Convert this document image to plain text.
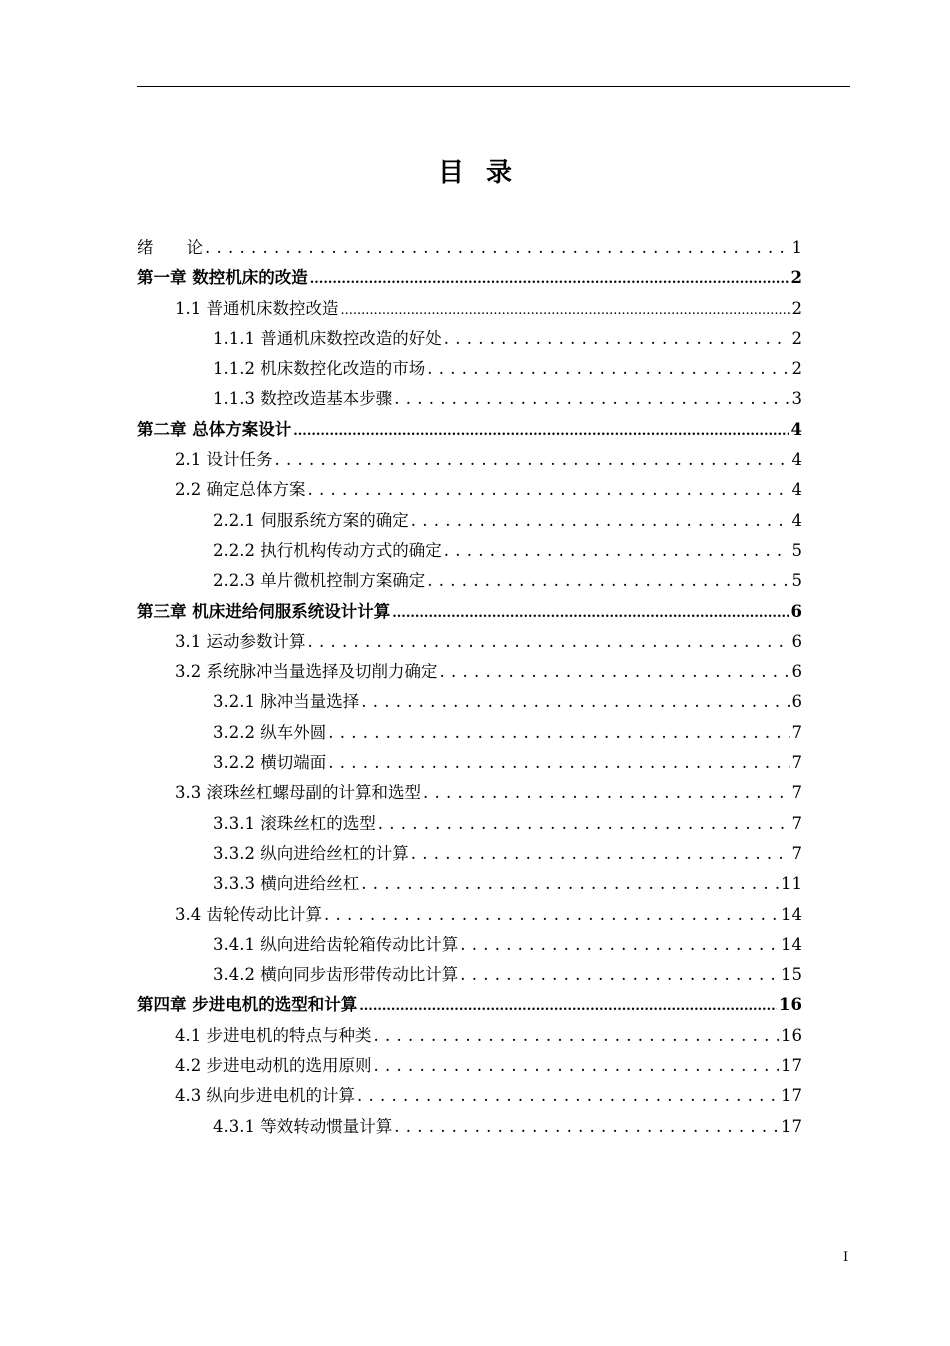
目录
绪　　论 . . .	1
第一章 数控机床的改造 .....	2
1.1 普通机床数控改造 .....	2
1.1.1 普通机床数控改造的好处 . . .	2
1.1.2 机床数控化改造的市场 . . .	2
1.1.3 数控改造基本步骤 . . .	3
第二章 总体方案设计 .....	4
2.1 设计任务 . . .	4
2.2 确定总体方案 . . .	4
2.2.1 伺服系统方案的确定 . . .	4
2.2.2 执行机构传动方式的确定 . . .	5
2.2.3 单片微机控制方案确定 . . .	5
第三章 机床进给伺服系统设计计算 .....	6
3.1 运动参数计算 . . .	6
3.2 系统脉冲当量选择及切削力确定 . . .	6
3.2.1 脉冲当量选择 . . .	6
3.2.2 纵车外圆 . . .	7
3.2.2 横切端面 . . .	7
3.3 滚珠丝杠螺母副的计算和选型 . . .	7
3.3.1 滚珠丝杠的选型 . . .	7
3.3.2 纵向进给丝杠的计算 . . .	7
3.3.3 横向进给丝杠 . . .	11
3.4 齿轮传动比计算 . . .	14
3.4.1 纵向进给齿轮箱传动比计算 . . .	14
3.4.2 横向同步齿形带传动比计算 . . .	15
第四章 步进电机的选型和计算 .....	16
4.1 步进电机的特点与种类 . . .	16
4.2 步进电动机的选用原则 . . .	17
4.3 纵向步进电机的计算 . . .	17
4.3.1 等效转动惯量计算 . . .	17
I
